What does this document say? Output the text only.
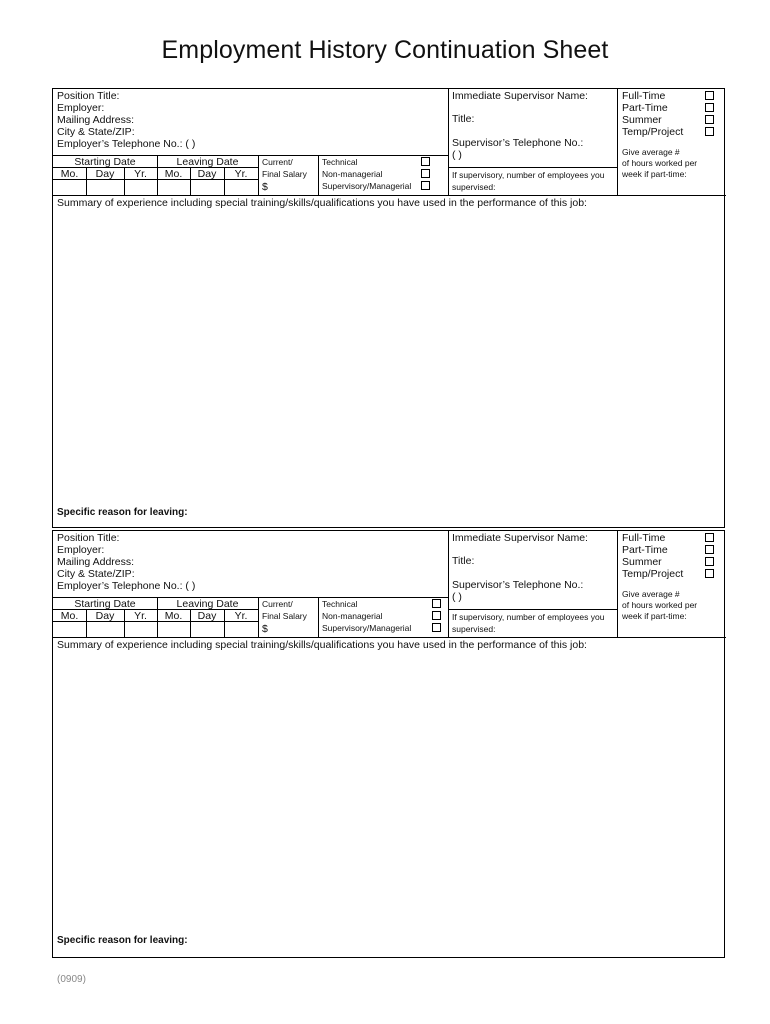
Employment History Continuation Sheet
Position Title:
Employer:
Mailing Address:
City & State/ZIP:
Employer’s Telephone No.: ( )
Immediate Supervisor Name:
Title:
Supervisor’s Telephone No.:
( )
If supervisory, number of employees you
supervised:
Full-Time
Part-Time
Summer
Temp/Project
Give average #
of hours worked per
week if part-time:
Starting Date	Leaving Date
Mo.	Day	Yr.	Mo.	Day	Yr.
Current/
Final Salary
$
Technical
Non-managerial
Supervisory/Managerial
Summary of experience including special training/skills/qualifications you have used in the performance of this job:
Specific reason for leaving:
Position Title:
Employer:
Mailing Address:
City & State/ZIP:
Employer’s Telephone No.: ( )
Immediate Supervisor Name:
Title:
Supervisor’s Telephone No.:
( )
If supervisory, number of employees you
supervised:
Full-Time
Part-Time
Summer
Temp/Project
Give average #
of hours worked per
week if part-time:
Starting Date	Leaving Date
Mo.	Day	Yr.	Mo.	Day	Yr.
Current/
Final Salary
$
Technical
Non-managerial
Supervisory/Managerial
Summary of experience including special training/skills/qualifications you have used in the performance of this job:
Specific reason for leaving:
(0909)
